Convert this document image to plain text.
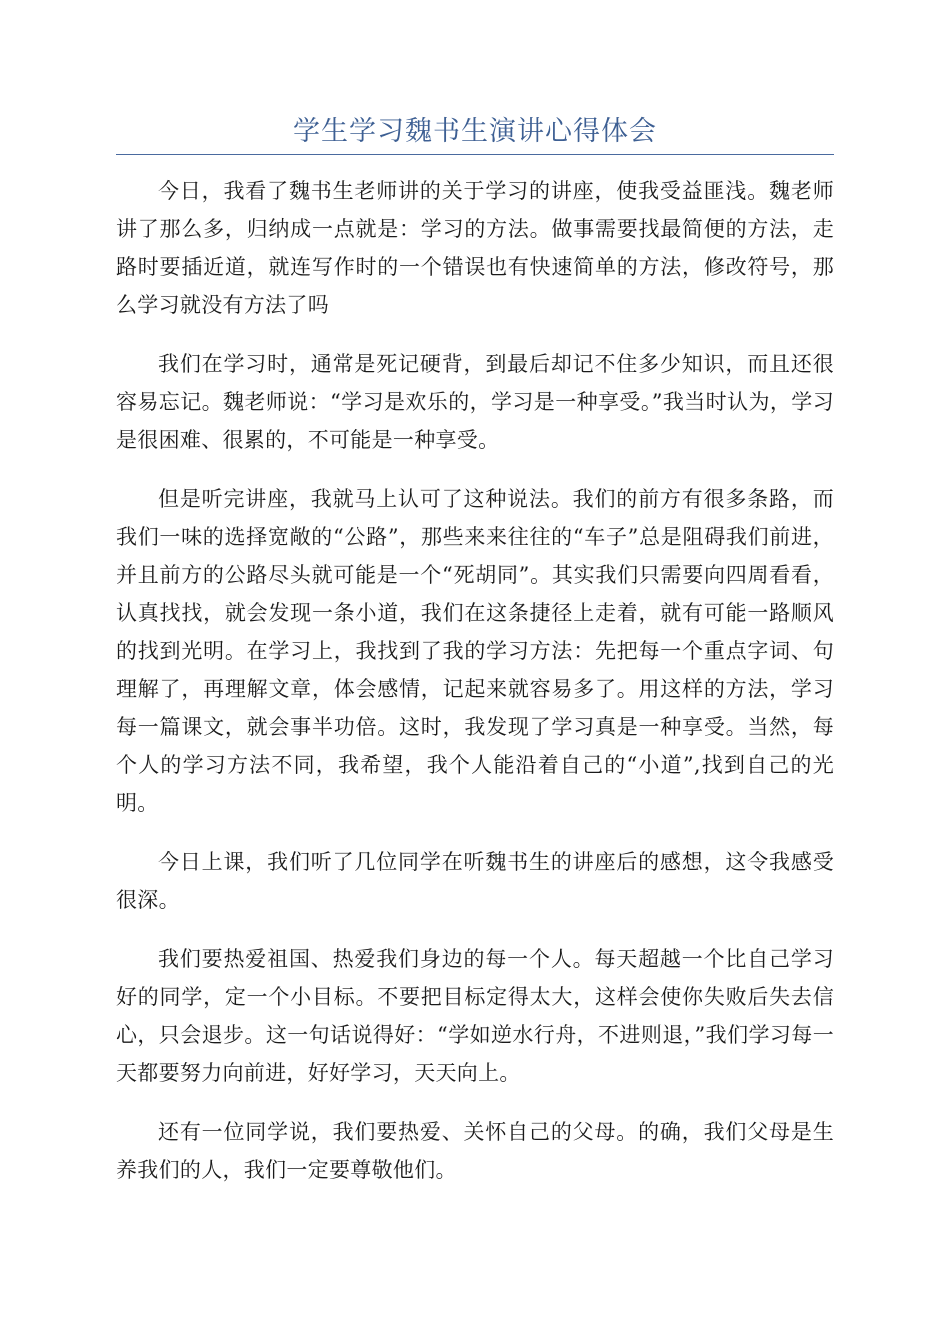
学生学习魏书生演讲心得体会

今日，我看了魏书生老师讲的关于学习的讲座，使我受益匪浅。魏老师讲了那么多，归纳成一点就是：学习的方法。做事需要找最简便的方法，走路时要插近道，就连写作时的一个错误也有快速简单的方法，修改符号，那么学习就没有方法了吗

我们在学习时，通常是死记硬背，到最后却记不住多少知识，而且还很容易忘记。魏老师说：“学习是欢乐的，学习是一种享受。”我当时认为，学习是很困难、很累的，不可能是一种享受。

但是听完讲座，我就马上认可了这种说法。我们的前方有很多条路，而我们一味的选择宽敞的“公路”，那些来来往往的“车子”总是阻碍我们前进，并且前方的公路尽头就可能是一个“死胡同”。其实我们只需要向四周看看，认真找找，就会发现一条小道，我们在这条捷径上走着，就有可能一路顺风的找到光明。在学习上，我找到了我的学习方法：先把每一个重点字词、句理解了，再理解文章，体会感情，记起来就容易多了。用这样的方法，学习每一篇课文，就会事半功倍。这时，我发现了学习真是一种享受。当然，每个人的学习方法不同，我希望，我个人能沿着自己的“小道”,找到自己的光明。

今日上课，我们听了几位同学在听魏书生的讲座后的感想，这令我感受很深。

我们要热爱祖国、热爱我们身边的每一个人。每天超越一个比自己学习好的同学，定一个小目标。不要把目标定得太大，这样会使你失败后失去信心，只会退步。这一句话说得好：“学如逆水行舟，不进则退，”我们学习每一天都要努力向前进，好好学习，天天向上。

还有一位同学说，我们要热爱、关怀自己的父母。的确，我们父母是生养我们的人，我们一定要尊敬他们。
